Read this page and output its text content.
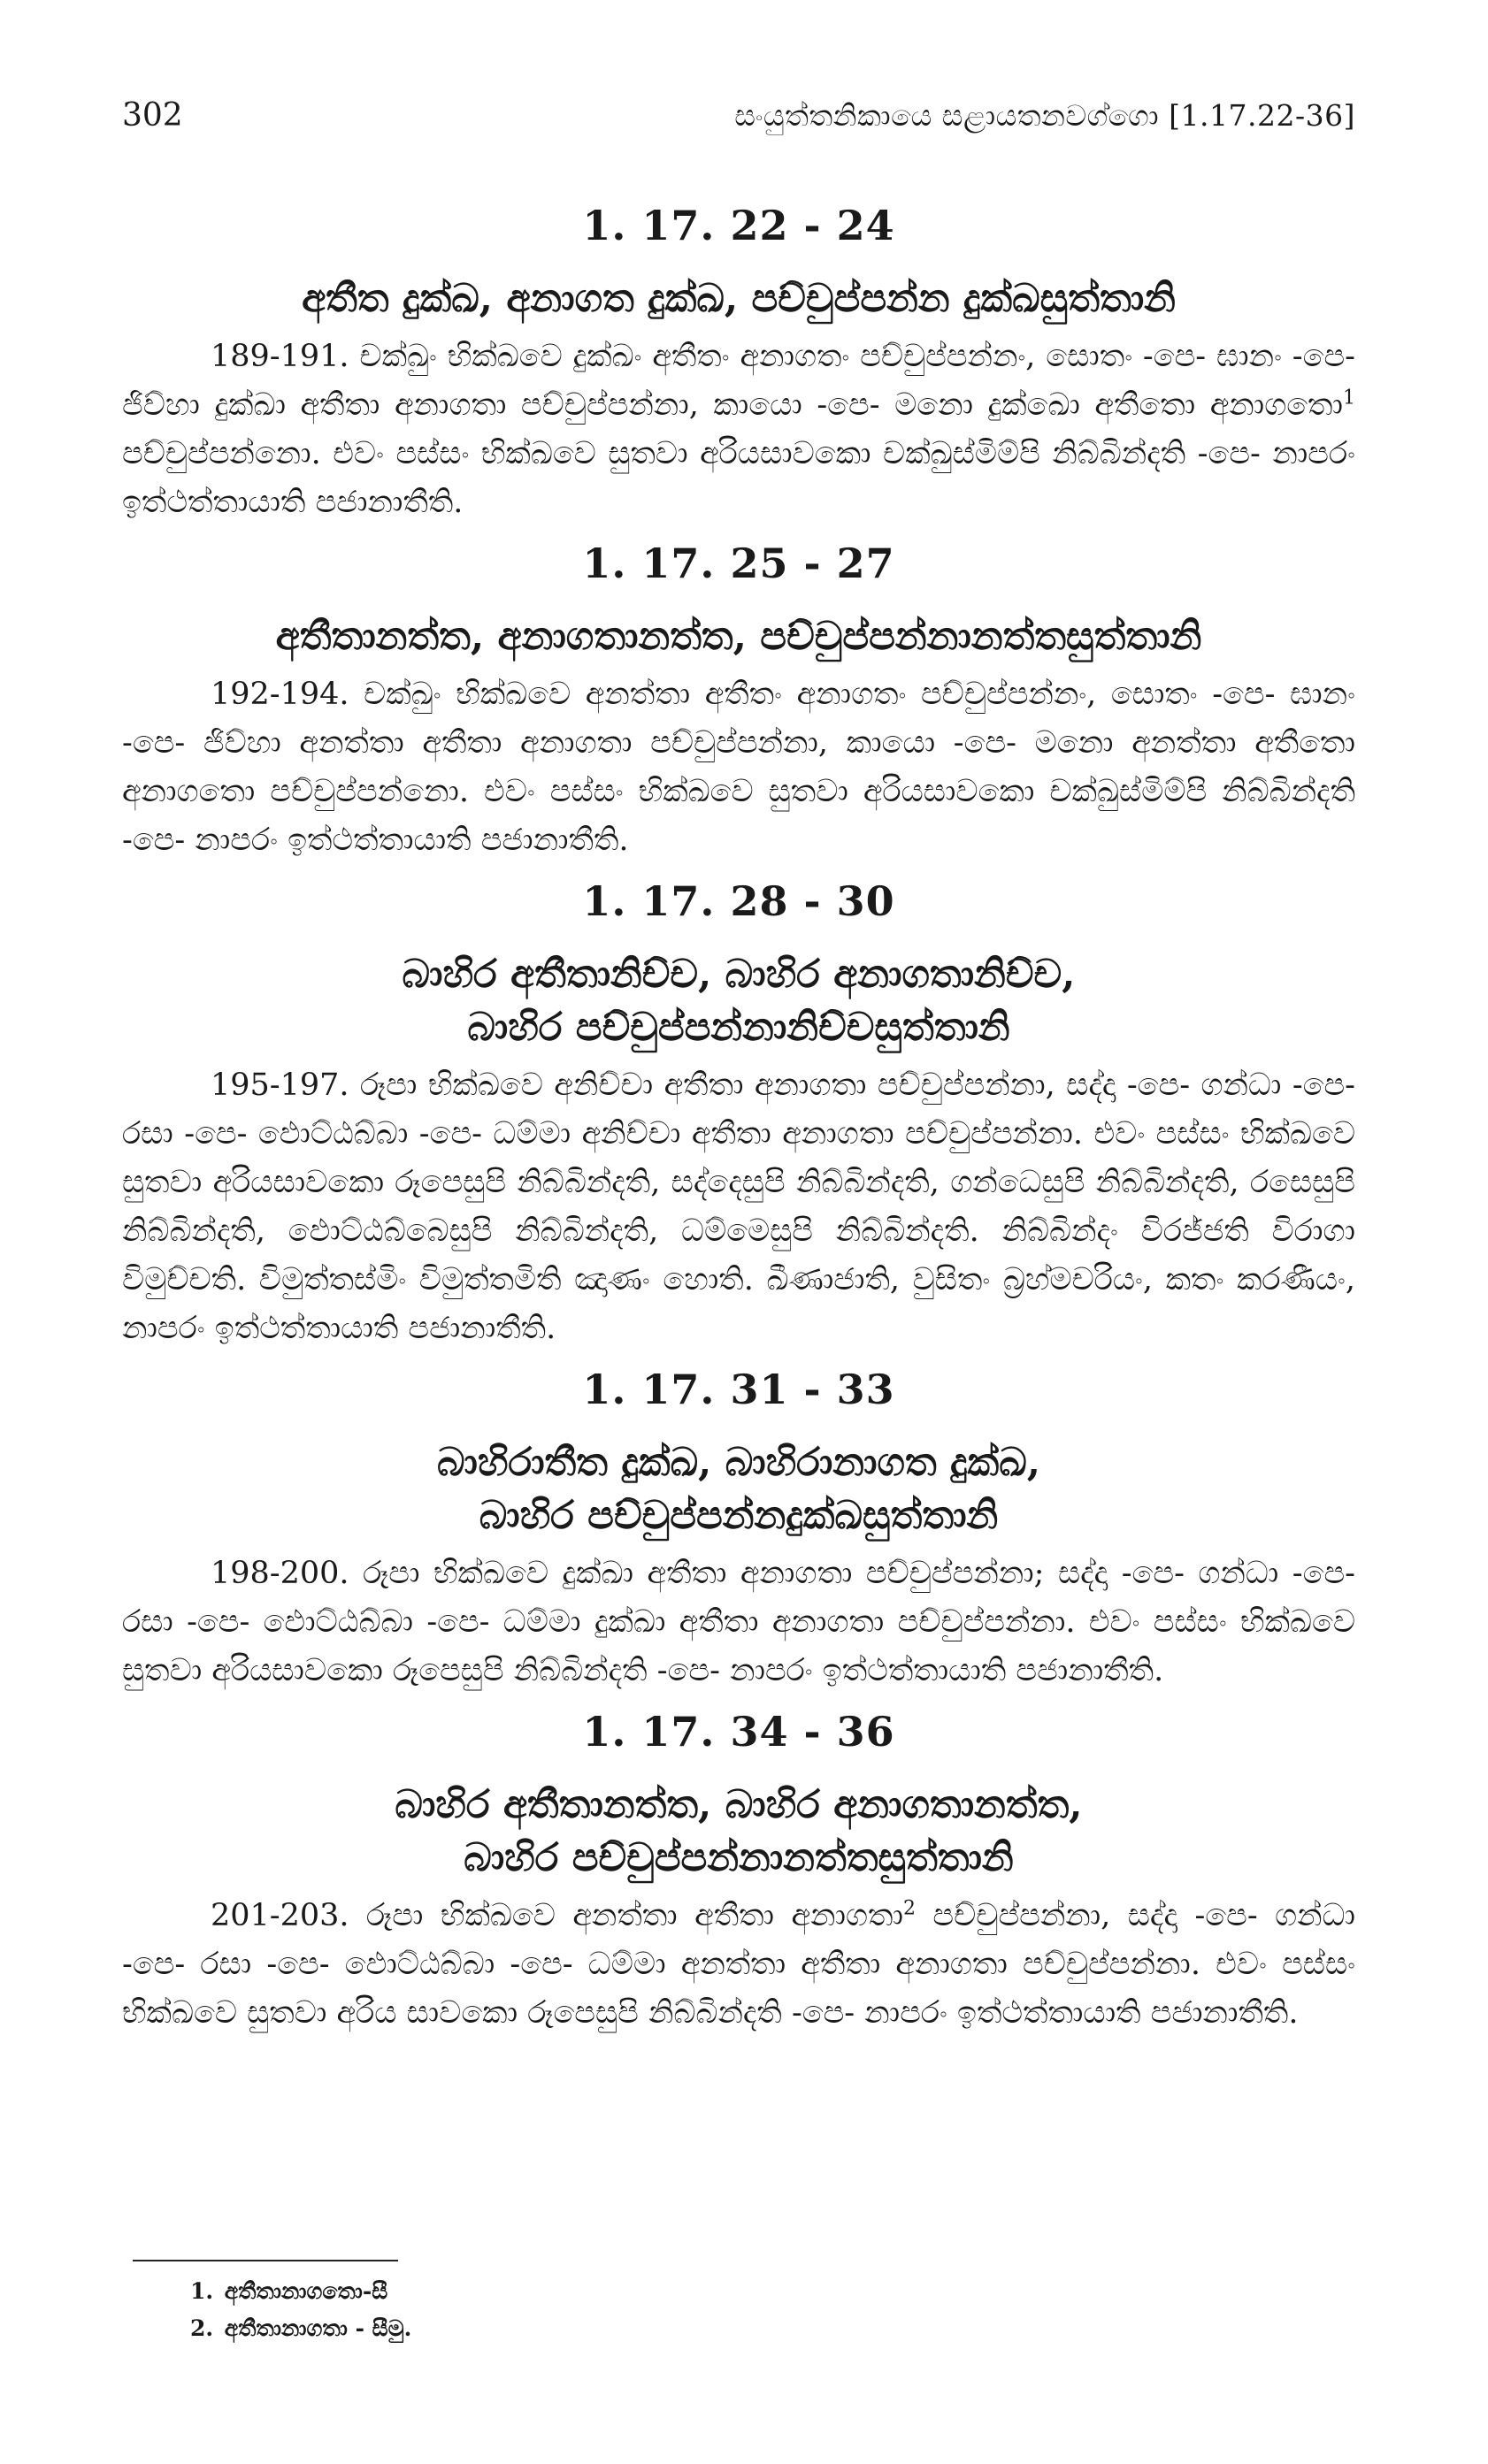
302	සංයුත්තනිකායෙ සළායතනවග්ගො [1.17.22-36]
1. 17. 22 - 24
අතීත දුක්ඛ, අනාගත දුක්ඛ, පච්චුප්පන්න දුක්ඛසුත්තානි

189-191. චක්ඛුං භික්ඛවෙ දුක්ඛං අතීතං අනාගතං පච්චුප්පන්නං, සොතං -පෙ- ඝානං -පෙ- ජිව්හා දුක්ඛා අතීතා අනාගතා පච්චුප්පන්නා, කායො -පෙ- මනො දුක්ඛො අතීතො අනාගතො$^1$ පච්චුප්පන්නො. එවං පස්සං භික්ඛවෙ සුතවා අරියසාවකො චක්ඛුස්මිම්පි නිබ්බින්දති -පෙ- නාපරං ඉත්ථත්තායාති පජානාතීති.

1. 17. 25 - 27
අතීතානත්ත, අනාගතානත්ත, පච්චුප්පන්නානත්තසුත්තානි

192-194. චක්ඛුං භික්ඛවෙ අනත්තා අතීතං අනාගතං පච්චුප්පන්නං, සොතං -පෙ- ඝානං -පෙ- ජිව්හා අනත්තා අතීතා අනාගතා පච්චුප්පන්නා, කායො -පෙ- මනො අනත්තා අතීතො අනාගතො පච්චුප්පන්නො. එවං පස්සං භික්ඛවෙ සුතවා අරියසාවකො චක්ඛුස්මිම්පි නිබ්බින්දති -පෙ- නාපරං ඉත්ථත්තායාති පජානාතීති.

1. 17. 28 - 30
බාහිර අතීතානිච්ච, බාහිර අනාගතානිච්ච,
බාහිර පච්චුප්පන්නානිච්චසුත්තානි

195-197. රූපා භික්ඛවෙ අනිච්චා අතීතා අනාගතා පච්චුප්පන්නා, සද්දා -පෙ- ගන්ධා -පෙ- රසා -පෙ- ඵොට්ඨබ්බා -පෙ- ධම්මා අනිච්චා අතීතා අනාගතා පච්චුප්පන්නා. එවං පස්සං භික්ඛවෙ සුතවා අරියසාවකො රූපෙසුපි නිබ්බින්දති, සද්දෙසුපි නිබ්බින්දති, ගන්ධෙසුපි නිබ්බින්දති, රසෙසුපි නිබ්බින්දති, ඵොට්ඨබ්බෙසුපි නිබ්බින්දති, ධම්මෙසුපි නිබ්බින්දති. නිබ්බින්දං විරජ්ජති විරාගා විමුච්චති. විමුත්තස්මිං විමුත්තමිති ඤාණං හොති. ඛීණාජාති, වුසිතං බ්‍රහ්මචරියං, කතං කරණීයං, නාපරං ඉත්ථත්තායාති පජානාතීති.

1. 17. 31 - 33
බාහිරාතීත දුක්ඛ, බාහිරානාගත දුක්ඛ,
බාහිර පච්චුප්පන්නදුක්ඛසුත්තානි

198-200. රූපා භික්ඛවෙ දුක්ඛා අතීතා අනාගතා පච්චුප්පන්නා; සද්දා -පෙ- ගන්ධා -පෙ- රසා -පෙ- ඵොට්ඨබ්බා -පෙ- ධම්මා දුක්ඛා අතීතා අනාගතා පච්චුප්පන්නා. එවං පස්සං භික්ඛවෙ සුතවා අරියසාවකො රූපෙසුපි නිබ්බින්දති -පෙ- නාපරං ඉත්ථත්තායාති පජානාතීති.

1. 17. 34 - 36
බාහිර අතීතානත්ත, බාහිර අනාගතානත්ත,
බාහිර පච්චුප්පන්නානත්තසුත්තානි

201-203. රූපා භික්ඛවෙ අනත්තා අතීතා අනාගතා$^2$ පච්චුප්පන්නා, සද්දා -පෙ- ගන්ධා -පෙ- රසා -පෙ- ඵොට්ඨබ්බා -පෙ- ධම්මා අනත්තා අතීතා අනාගතා පච්චුප්පන්නා. එවං පස්සං භික්ඛවෙ සුතවා අරිය සාවකො රූපෙසුපි නිබ්බින්දති -පෙ- නාපරං ඉත්ථත්තායාති පජානාතීති.

1. අතීතානාගතො-සී
2. අතීතානාගතා - සීමු.
